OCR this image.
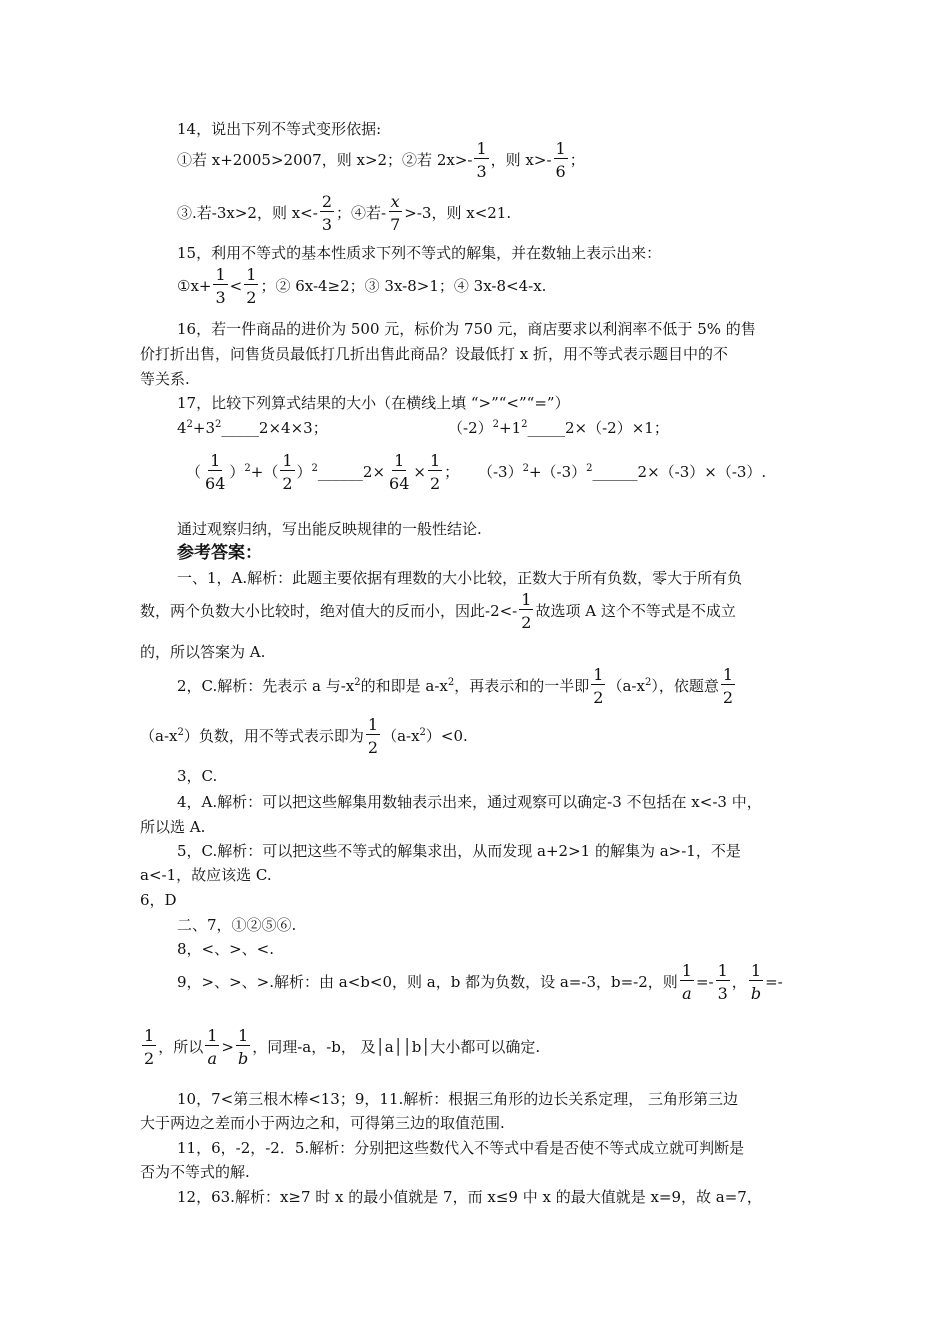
14，说出下列不等式变形依据:
①若 x+2005>2007，则 x>2；②若 $2x>- \frac{1}{3}$ ，则 $x>- \frac{1}{6}$ ；
③.若-3x>2，则 $x<- \frac{2}{3}$ ；④若- $\frac{x}{7} >-3$，则 x<21.
15，利用不等式的基本性质求下列不等式的解集，并在数轴上表示出来：
①x+ $\frac{1}{3} < \frac{1}{2}$ ；② 6x-4≥2；③ 3x-8>1；④ 3x-8<4-x.
16，若一件商品的进价为 500 元，标价为 750 元，商店要求以利润率不低于 5% 的售
价打折出售，问售货员最低打几折出售此商品？设最低打 x 折，用不等式表示题目中的不
等关系.
17，比较下列算式结果的大小（在横线上填 “>”“<”“=”）
$4^2+3^2\_\_\_\_\_2\times 4\times 3$；	$(-2)^2+1^2\_\_\_\_\_2\times(-2)\times 1$；
（ $\frac{1}{64} )^2+( \frac{1}{2}$ ）$^2\_\_\_\_\_\_2\times \frac{1}{64} \times \frac{1}{2}$ ； $(-3)^2+(-3)^2\_\_\_\_\_\_2\times(-3)\times(-3)$.
通过观察归纳，写出能反映规律的一般性结论.
参考答案：
一、1，A.解析：此题主要依据有理数的大小比较，正数大于所有负数，零大于所有负
数，两个负数大小比较时，绝对值大的反而小，因此$-2<- \frac{1}{2}$ 故选项 A 这个不等式是不成立
的，所以答案为 A.
2，C.解析：先表示 a 与$-x^2$的和即是 $a-x^2$，再表示和的一半即 $\frac{1}{2} (a-x^2)$，依题意 $\frac{1}{2}$
$(a-x^2)$负数，用不等式表示即为 $\frac{1}{2} (a-x^2)<0$.
3，C.
4，A.解析：可以把这些解集用数轴表示出来，通过观察可以确定-3 不包括在 x<-3 中，
所以选 A.
5，C.解析：可以把这些不等式的解集求出，从而发现 a+2>1 的解集为 a>-1，不是
a<-1，故应该选 C.
6，D
二、7，①②⑤⑥.
8，<、>、<.
9，>、>、>.解析：由 a<b<0，则 a，b 都为负数，设 a=-3，b=-2，则 $\frac{1}{a} =- \frac{1}{3}$ ， $\frac{1}{b}$ =-
$\frac{1}{2}$ ，所以 $\frac{1}{a} > \frac{1}{b}$ ，同理-a，-b， 及│a││b│大小都可以确定.
10，7<第三根木棒<13；9，11.解析：根据三角形的边长关系定理， 三角形第三边
大于两边之差而小于两边之和，可得第三边的取值范围.
11，6，-2，-2．5.解析：分别把这些数代入不等式中看是否使不等式成立就可判断是
否为不等式的解.
12，63.解析：x≥7 时 x 的最小值就是 7，而 x≤9 中 x 的最大值就是 x=9，故 a=7，
